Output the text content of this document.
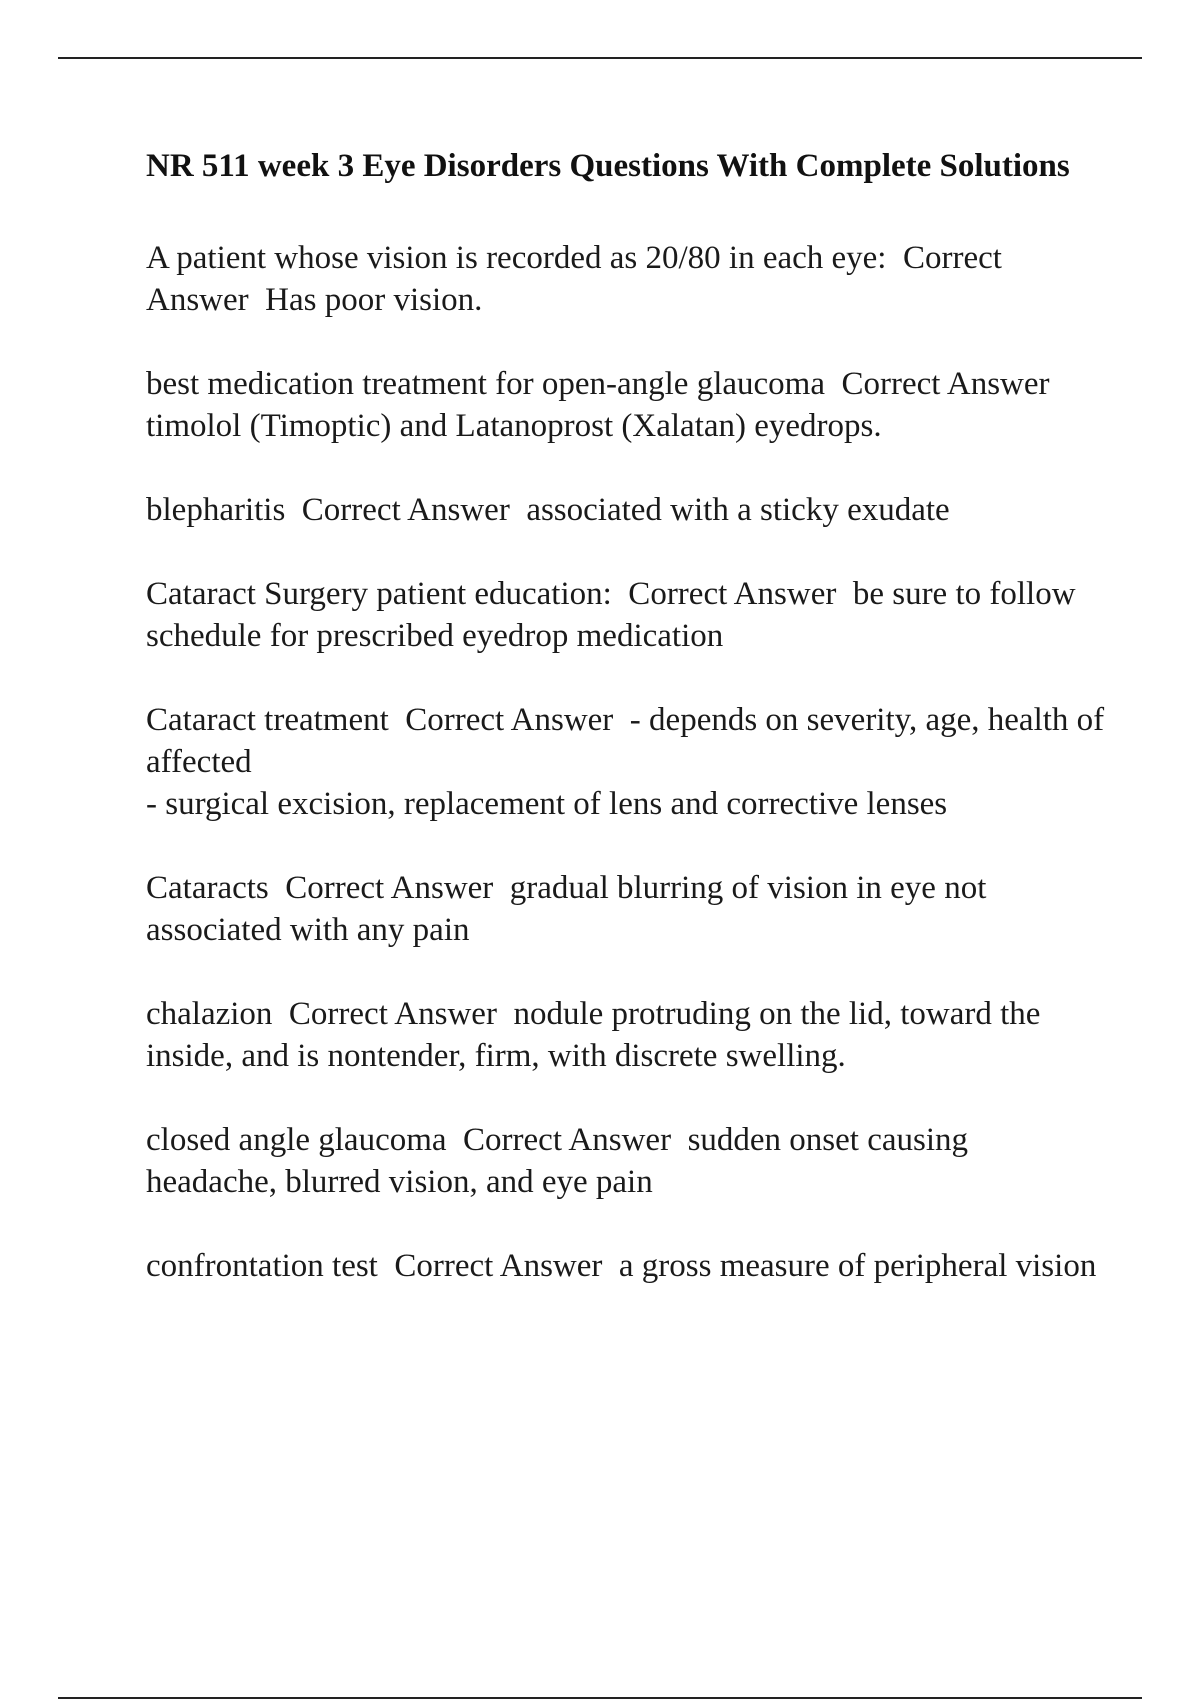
NR 511 week 3 Eye Disorders Questions With Complete Solutions

A patient whose vision is recorded as 20/80 in each eye:  Correct Answer  Has poor vision.

best medication treatment for open-angle glaucoma  Correct Answer  timolol (Timoptic) and Latanoprost (Xalatan) eyedrops.

blepharitis  Correct Answer  associated with a sticky exudate

Cataract Surgery patient education:  Correct Answer  be sure to follow schedule for prescribed eyedrop medication

Cataract treatment  Correct Answer  - depends on severity, age, health of affected
- surgical excision, replacement of lens and corrective lenses

Cataracts  Correct Answer  gradual blurring of vision in eye not associated with any pain

chalazion  Correct Answer  nodule protruding on the lid, toward the inside, and is nontender, firm, with discrete swelling.

closed angle glaucoma  Correct Answer  sudden onset causing headache, blurred vision, and eye pain

confrontation test  Correct Answer  a gross measure of peripheral vision
